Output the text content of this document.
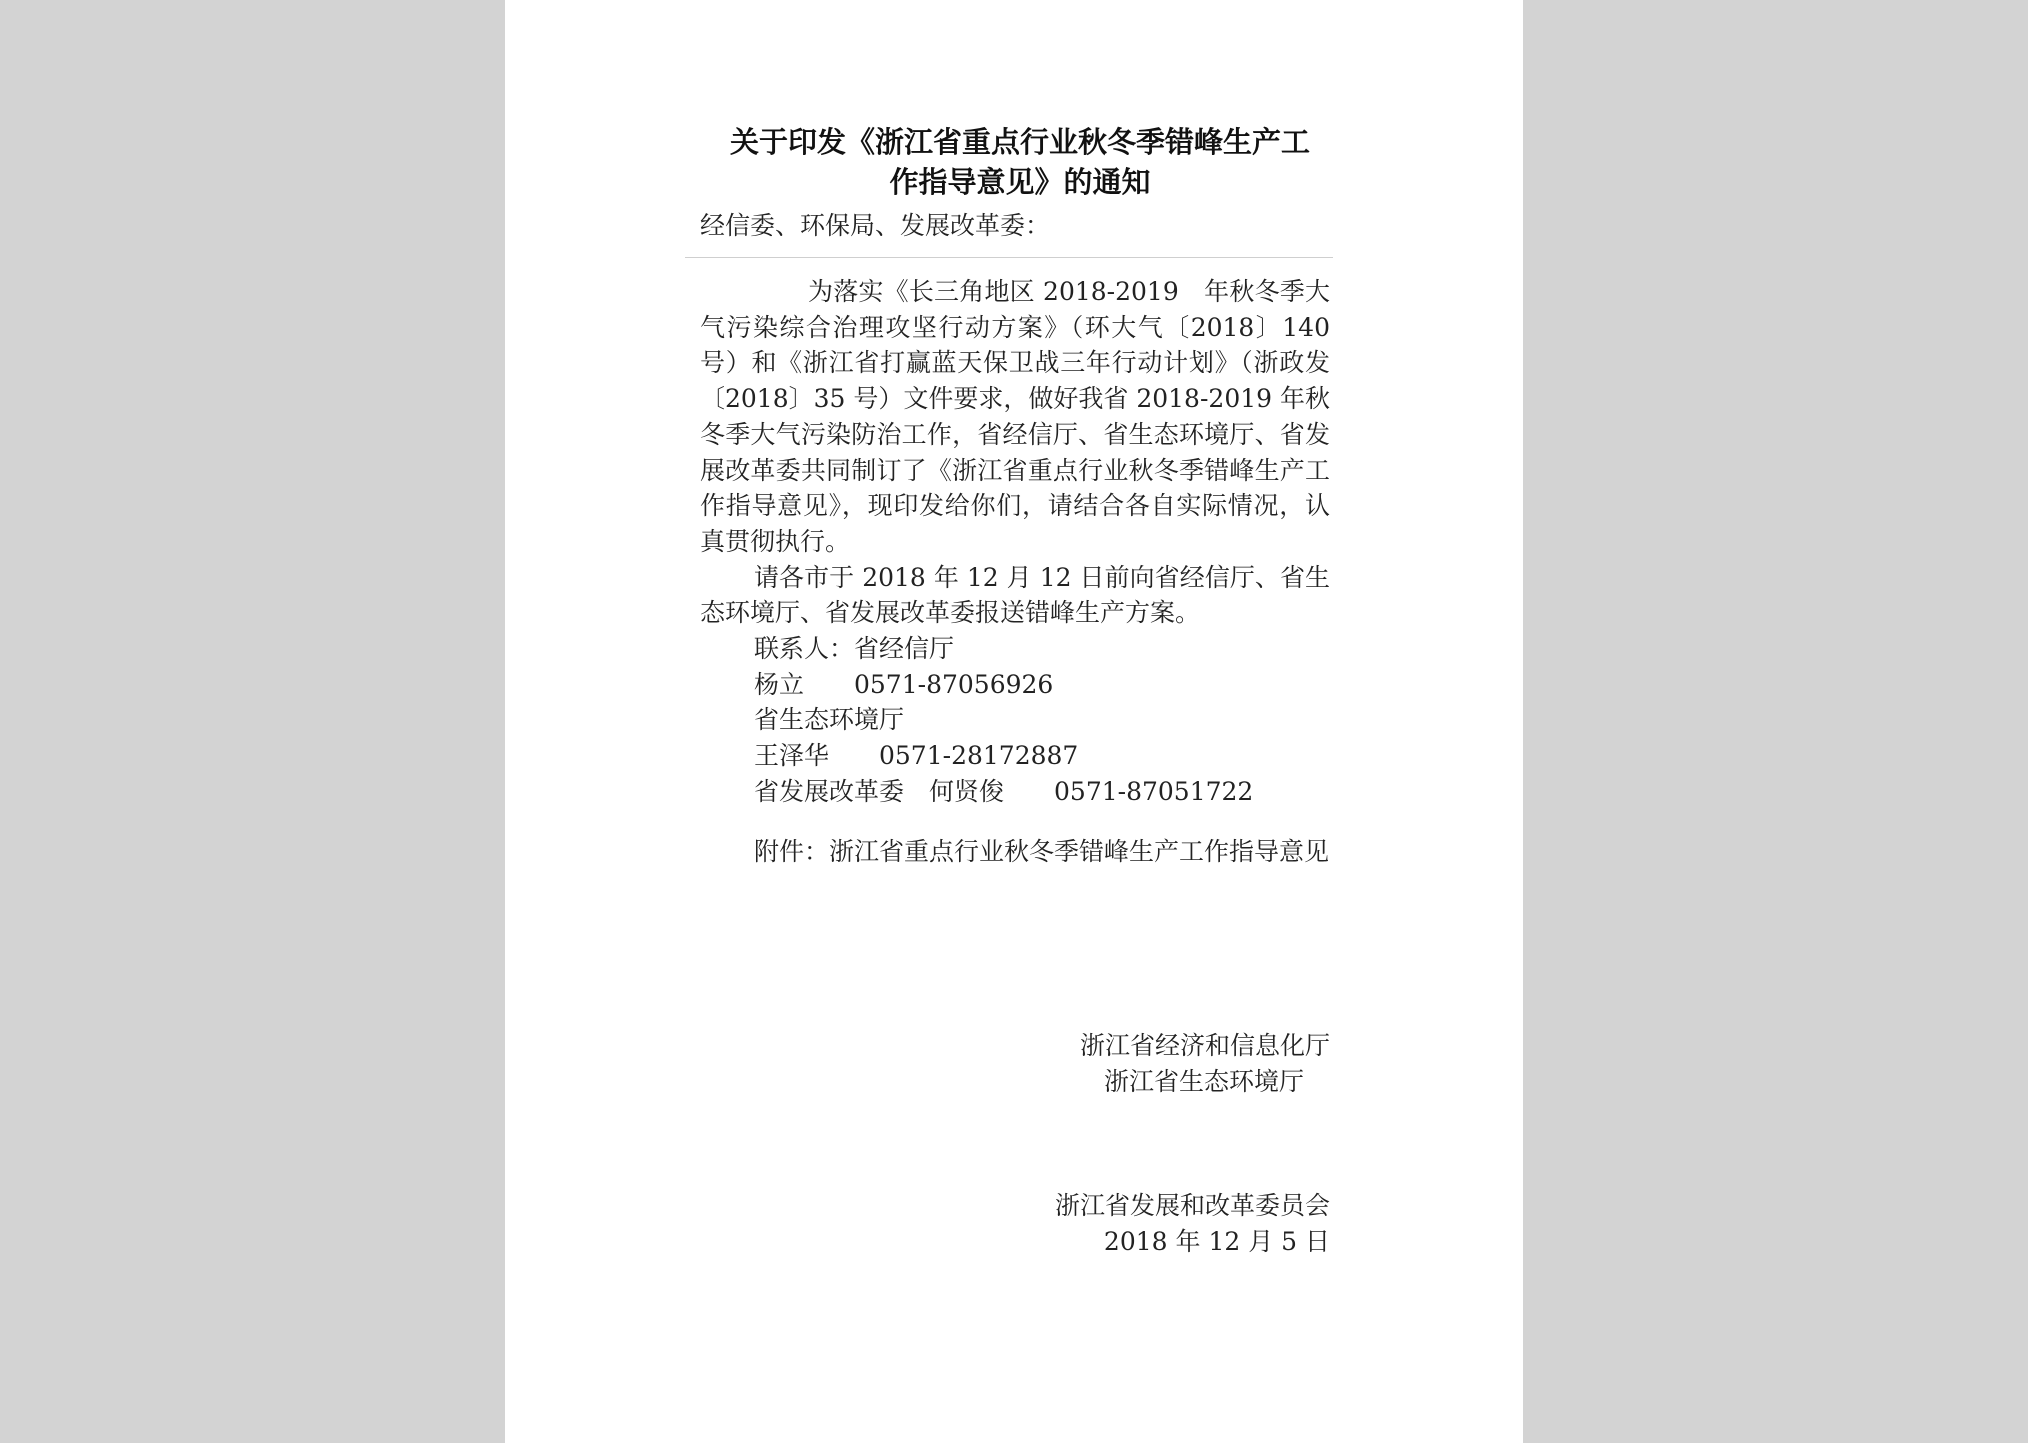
关于印发《浙江省重点行业秋冬季错峰生产工
作指导意见》的通知
经信委、环保局、发展改革委：

为落实《长三角地区 2018-2019　年秋冬季大气污染综合治理攻坚行动方案》（环大气〔2018〕140 号）和《浙江省打赢蓝天保卫战三年行动计划》（浙政发〔2018〕35 号）文件要求，做好我省 2018-2019 年秋冬季大气污染防治工作，省经信厅、省生态环境厅、省发展改革委共同制订了《浙江省重点行业秋冬季错峰生产工作指导意见》，现印发给你们，请结合各自实际情况，认真贯彻执行。

请各市于 2018 年 12 月 12 日前向省经信厅、省生态环境厅、省发展改革委报送错峰生产方案。

联系人：省经信厅

杨立　　0571-87056926

省生态环境厅

王泽华　　0571-28172887

省发展改革委　何贤俊　　0571-87051722

附件：浙江省重点行业秋冬季错峰生产工作指导意见

浙江省经济和信息化厅
浙江省生态环境厅
浙江省发展和改革委员会
2018 年 12 月 5 日
